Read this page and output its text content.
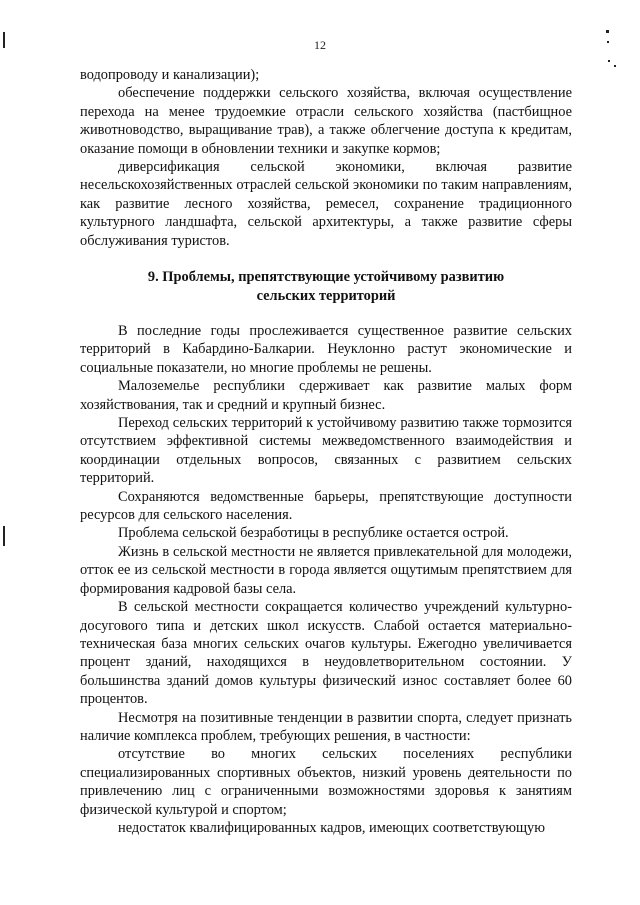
12

водопроводу и канализации);

обеспечение поддержки сельского хозяйства, включая осуществление перехода на менее трудоемкие отрасли сельского хозяйства (пастбищное животноводство, выращивание трав), а также облегчение доступа к кредитам, оказание помощи в обновлении техники и закупке кормов;

диверсификация сельской экономики, включая развитие несельскохозяйственных отраслей сельской экономики по таким направлениям, как развитие лесного хозяйства, ремесел, сохранение традиционного культурного ландшафта, сельской архитектуры, а также развитие сферы обслуживания туристов.

9. Проблемы, препятствующие устойчивому развитию
сельских территорий

В последние годы прослеживается существенное развитие сельских территорий в Кабардино-Балкарии. Неуклонно растут экономические и социальные показатели, но многие проблемы не решены.

Малоземелье республики сдерживает как развитие малых форм хозяйствования, так и средний и крупный бизнес.

Переход сельских территорий к устойчивому развитию также тормозится отсутствием эффективной системы межведомственного взаимодействия и координации отдельных вопросов, связанных с развитием сельских территорий.

Сохраняются ведомственные барьеры, препятствующие доступности ресурсов для сельского населения.

Проблема сельской безработицы в республике остается острой.

Жизнь в сельской местности не является привлекательной для молодежи, отток ее из сельской местности в города является ощутимым препятствием для формирования кадровой базы села.

В сельской местности сокращается количество учреждений культурно-досугового типа и детских школ искусств. Слабой остается материально-техническая база многих сельских очагов культуры. Ежегодно увеличивается процент зданий, находящихся в неудовлетворительном состоянии. У большинства зданий домов культуры физический износ составляет более 60 процентов.

Несмотря на позитивные тенденции в развитии спорта, следует признать наличие комплекса проблем, требующих решения, в частности:

отсутствие во многих сельских поселениях республики специализированных спортивных объектов, низкий уровень деятельности по привлечению лиц с ограниченными возможностями здоровья к занятиям физической культурой и спортом;

недостаток квалифицированных кадров, имеющих соответствующую
